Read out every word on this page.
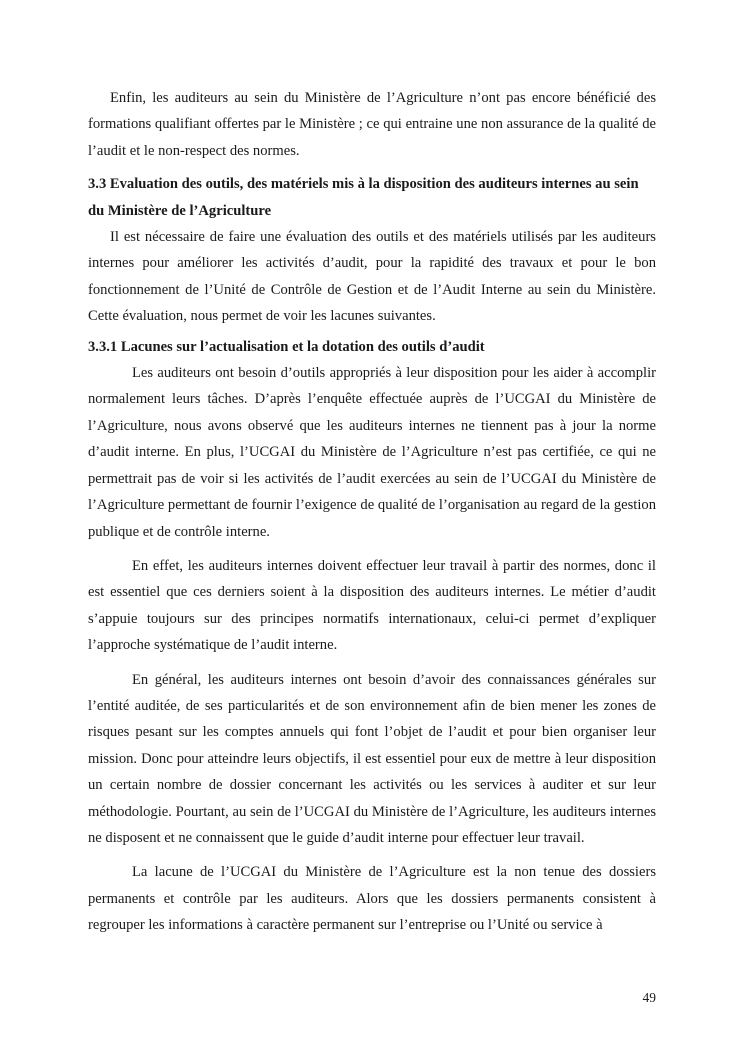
Enfin, les auditeurs au sein du Ministère de l’Agriculture n’ont pas encore bénéficié des formations qualifiant offertes par le Ministère ; ce qui entraine une non assurance de la qualité de l’audit et le non-respect des normes.

3.3 Evaluation des outils, des matériels mis à la disposition des auditeurs internes au sein du Ministère de l’Agriculture

Il est nécessaire de faire une évaluation des outils et des matériels utilisés par les auditeurs internes pour améliorer les activités d’audit, pour la rapidité des travaux et pour le bon fonctionnement de l’Unité de Contrôle de Gestion et de l’Audit Interne au sein du Ministère. Cette évaluation, nous permet de voir les lacunes suivantes.

3.3.1 Lacunes sur l’actualisation et la dotation des outils d’audit

Les auditeurs ont besoin d’outils appropriés à leur disposition pour les aider à accomplir normalement leurs tâches. D’après l’enquête effectuée auprès de l’UCGAI du Ministère de l’Agriculture, nous avons observé que les auditeurs internes ne tiennent pas à jour la norme d’audit interne. En plus, l’UCGAI du Ministère de l’Agriculture n’est pas certifiée, ce qui ne permettrait pas de voir si les activités de l’audit exercées au sein de l’UCGAI du Ministère de l’Agriculture permettant de fournir l’exigence de qualité de l’organisation au regard de la gestion publique et de contrôle interne.

En effet, les auditeurs internes doivent effectuer leur travail à partir des normes, donc il est essentiel que ces derniers soient à la disposition des auditeurs internes. Le métier d’audit s’appuie toujours sur des principes normatifs internationaux, celui-ci permet d’expliquer l’approche systématique de l’audit interne.

En général, les auditeurs internes ont besoin d’avoir des connaissances générales sur l’entité auditée, de ses particularités et de son environnement afin de bien mener les zones de risques pesant sur les comptes annuels qui font l’objet de l’audit et pour bien organiser leur mission. Donc pour atteindre leurs objectifs, il est essentiel pour eux de mettre à leur disposition un certain nombre de dossier concernant les activités ou les services à auditer et sur leur méthodologie. Pourtant, au sein de l’UCGAI du Ministère de l’Agriculture, les auditeurs internes ne disposent et ne connaissent que le guide d’audit interne pour effectuer leur travail.

La lacune de l’UCGAI du Ministère de l’Agriculture est la non tenue des dossiers permanents et contrôle par les auditeurs. Alors que les dossiers permanents consistent à regrouper les informations à caractère permanent sur l’entreprise ou l’Unité ou service à

49
